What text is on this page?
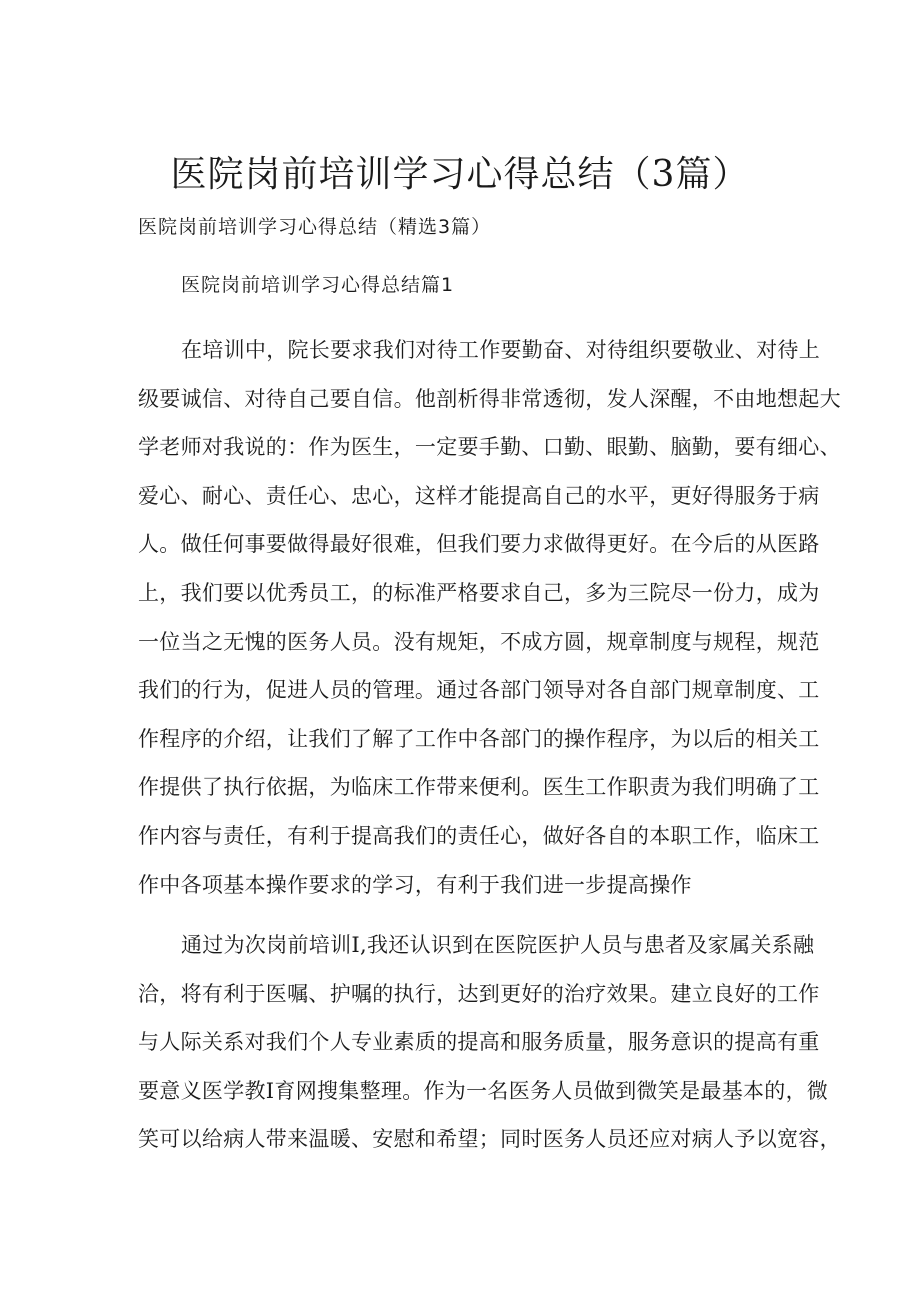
医院岗前培训学习心得总结（3篇）

医院岗前培训学习心得总结（精选3篇）

医院岗前培训学习心得总结篇1

在培训中，院长要求我们对待工作要勤奋、对待组织要敬业、对待上
级要诚信、对待自己要自信。他剖析得非常透彻，发人深醒，不由地想起大
学老师对我说的：作为医生，一定要手勤、口勤、眼勤、脑勤，要有细心、
爱心、耐心、责任心、忠心，这样才能提高自己的水平，更好得服务于病
人。做任何事要做得最好很难，但我们要力求做得更好。在今后的从医路
上，我们要以优秀员工，的标准严格要求自己，多为三院尽一份力，成为
一位当之无愧的医务人员。没有规矩，不成方圆，规章制度与规程，规范
我们的行为，促进人员的管理。通过各部门领导对各自部门规章制度、工
作程序的介绍，让我们了解了工作中各部门的操作程序，为以后的相关工
作提供了执行依据，为临床工作带来便利。医生工作职责为我们明确了工
作内容与责任，有利于提高我们的责任心，做好各自的本职工作，临床工
作中各项基本操作要求的学习，有利于我们进一步提高操作
通过为次岗前培训I,我还认识到在医院医护人员与患者及家属关系融
洽，将有利于医嘱、护嘱的执行，达到更好的治疗效果。建立良好的工作
与人际关系对我们个人专业素质的提高和服务质量，服务意识的提高有重
要意义医学教I育网搜集整理。作为一名医务人员做到微笑是最基本的，微
笑可以给病人带来温暖、安慰和希望；同时医务人员还应对病人予以宽容，
